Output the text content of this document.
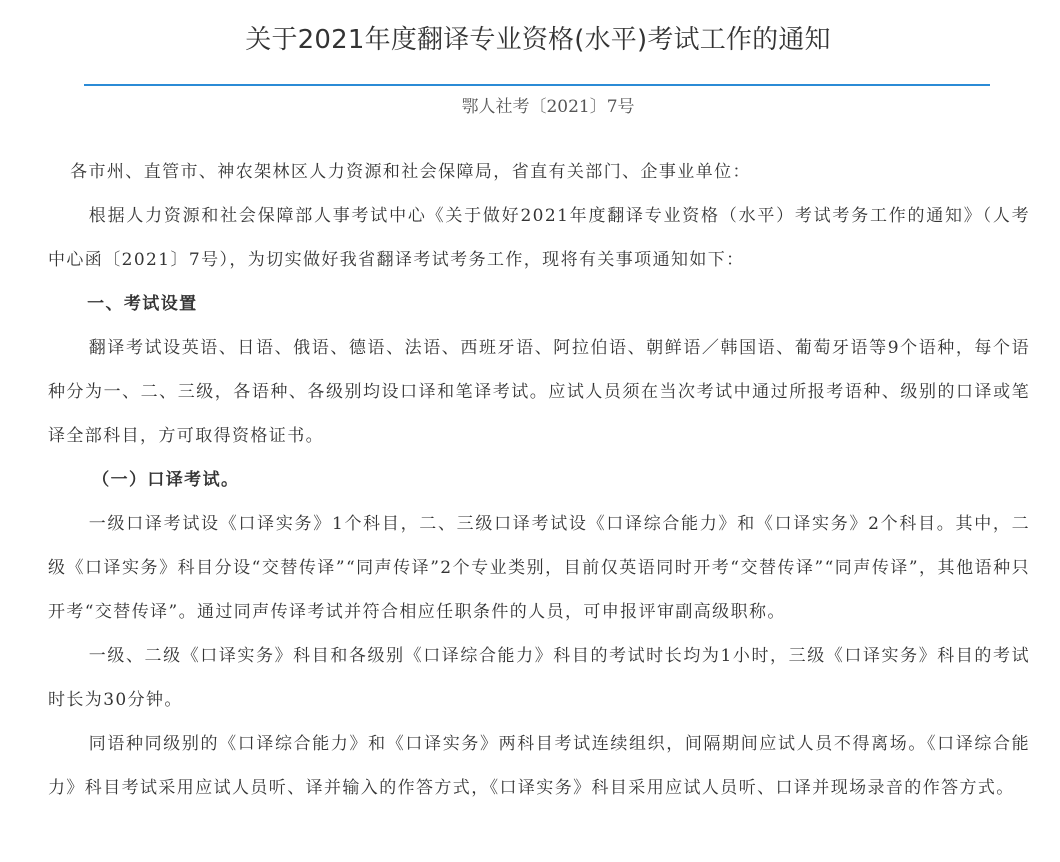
关于2021年度翻译专业资格(水平)考试工作的通知
鄂人社考〔2021〕7号

各市州、直管市、神农架林区人力资源和社会保障局，省直有关部门、企事业单位：

根据人力资源和社会保障部人事考试中心《关于做好2021年度翻译专业资格（水平）考试考务工作的通知》（人考中心函〔2021〕7号），为切实做好我省翻译考试考务工作，现将有关事项通知如下：

一、考试设置

翻译考试设英语、日语、俄语、德语、法语、西班牙语、阿拉伯语、朝鲜语／韩国语、葡萄牙语等9个语种，每个语种分为一、二、三级，各语种、各级别均设口译和笔译考试。应试人员须在当次考试中通过所报考语种、级别的口译或笔译全部科目，方可取得资格证书。

（一）口译考试。

一级口译考试设《口译实务》1个科目，二、三级口译考试设《口译综合能力》和《口译实务》2个科目。其中，二级《口译实务》科目分设“交替传译”“同声传译”2个专业类别，目前仅英语同时开考“交替传译”“同声传译”，其他语种只开考“交替传译”。通过同声传译考试并符合相应任职条件的人员，可申报评审副高级职称。

一级、二级《口译实务》科目和各级别《口译综合能力》科目的考试时长均为1小时，三级《口译实务》科目的考试时长为30分钟。

同语种同级别的《口译综合能力》和《口译实务》两科目考试连续组织，间隔期间应试人员不得离场。《口译综合能力》科目考试采用应试人员听、译并输入的作答方式，《口译实务》科目采用应试人员听、口译并现场录音的作答方式。
